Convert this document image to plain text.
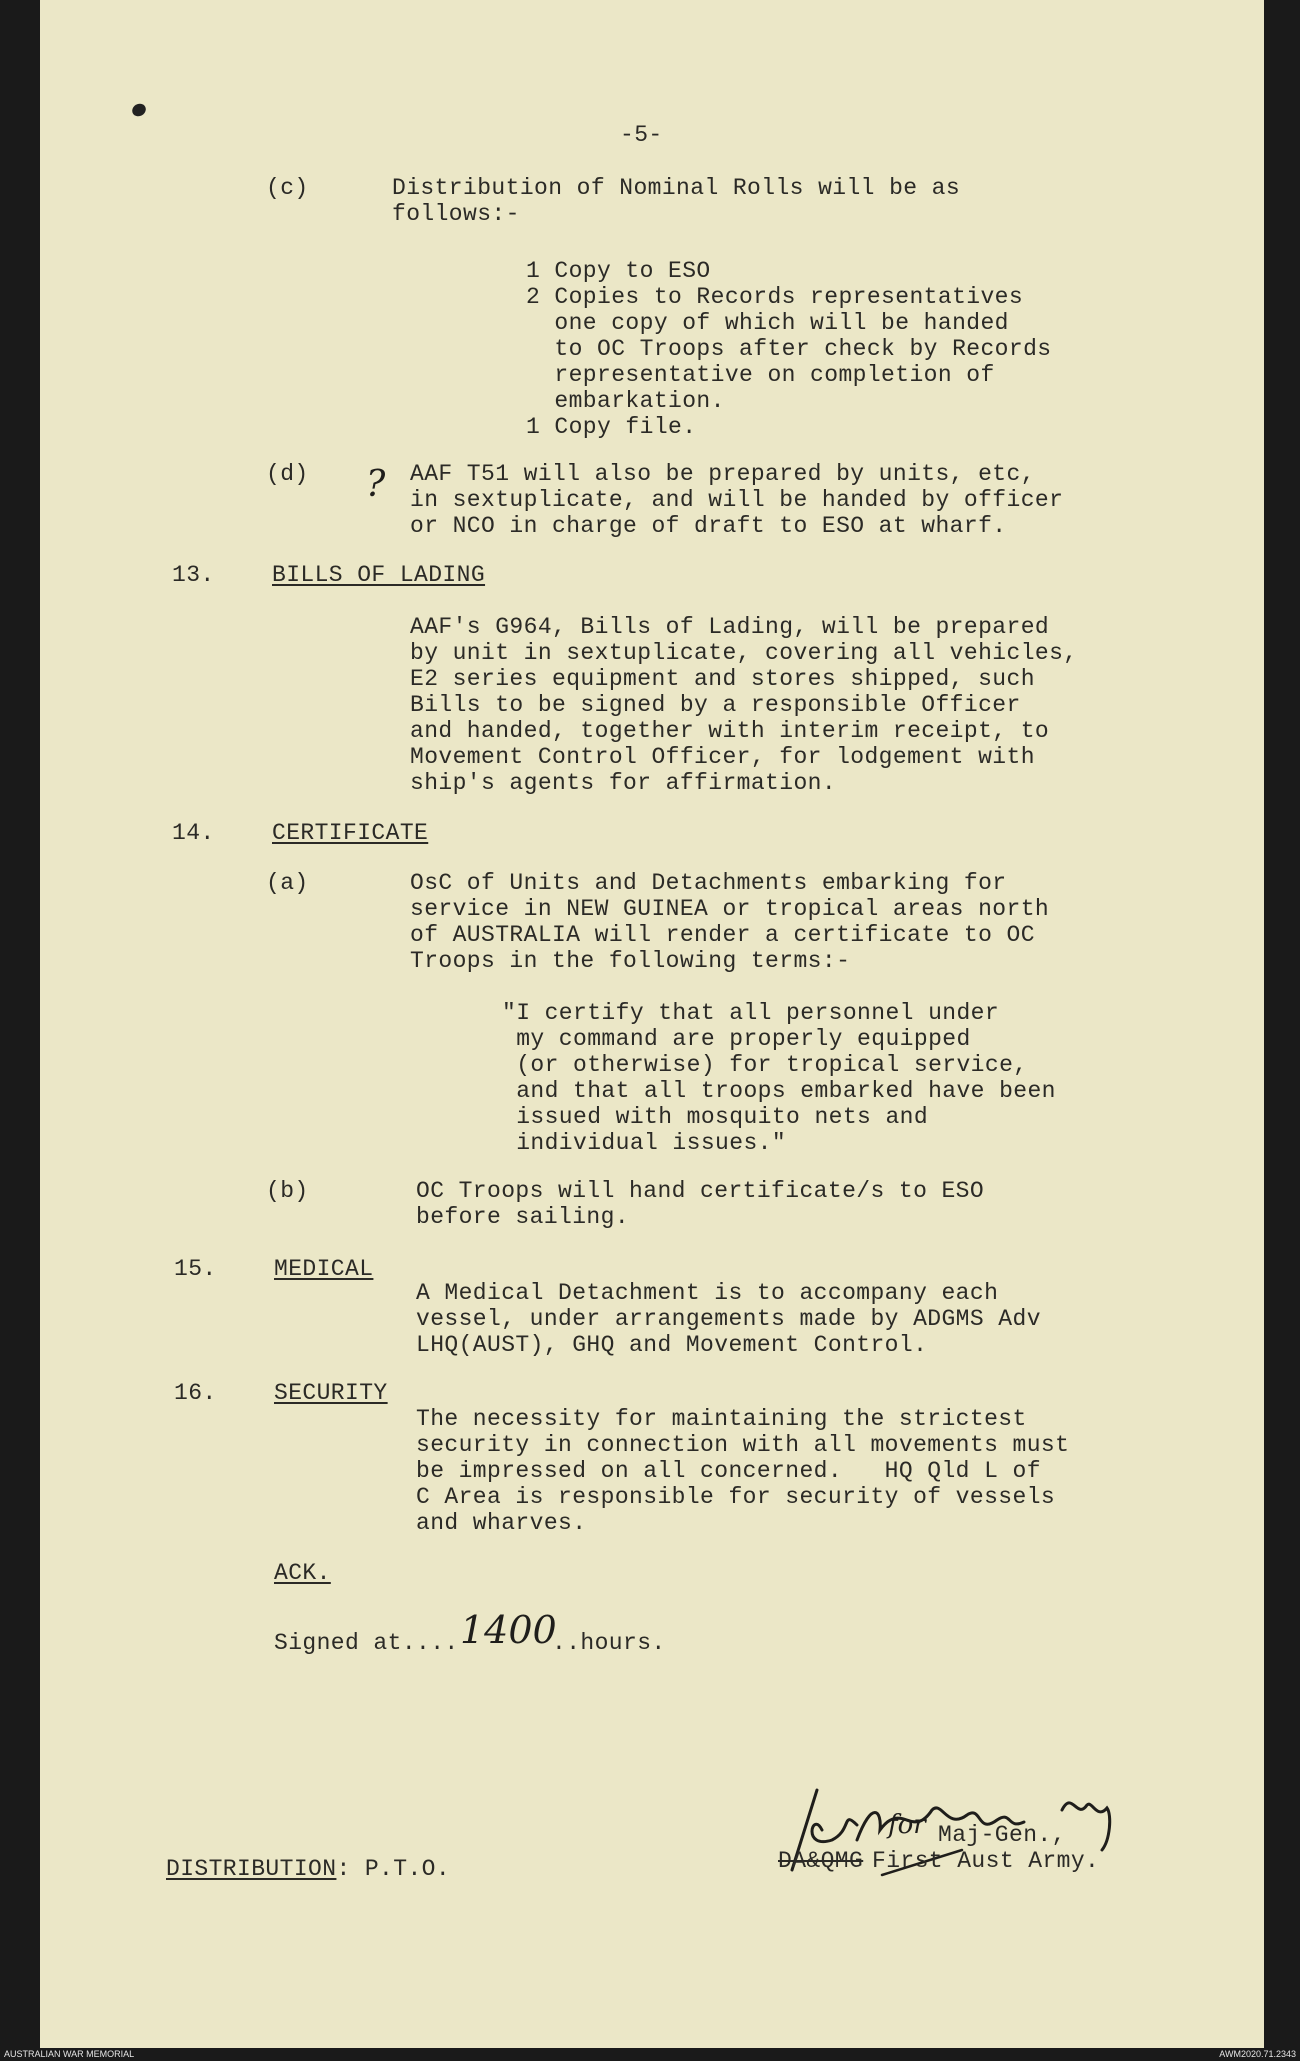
-5-
(c)	Distribution of Nominal Rolls will be as
follows:-
1 Copy to ESO
2 Copies to Records representatives
one copy of which will be handed
to OC Troops after check by Records
representative on completion of
embarkation.
1 Copy file.
(d) ? AAF T51 will also be prepared by units, etc,
in sextuplicate, and will be handed by officer
or NCO in charge of draft to ESO at wharf.
13. BILLS OF LADING
AAF's G964, Bills of Lading, will be prepared
by unit in sextuplicate, covering all vehicles,
E2 series equipment and stores shipped, such
Bills to be signed by a responsible Officer
and handed, together with interim receipt, to
Movement Control Officer, for lodgement with
ship's agents for affirmation.
14. CERTIFICATE
(a)	OsC of Units and Detachments embarking for
service in NEW GUINEA or tropical areas north
of AUSTRALIA will render a certificate to OC
Troops in the following terms:-
"I certify that all personnel under
my command are properly equipped
(or otherwise) for tropical service,
and that all troops embarked have been
issued with mosquito nets and
individual issues."
(b)	OC Troops will hand certificate/s to ESO
before sailing.
15. MEDICAL
A Medical Detachment is to accompany each
vessel, under arrangements made by ADGMS Adv
LHQ(AUST), GHQ and Movement Control.
16. SECURITY
The necessity for maintaining the strictest
security in connection with all movements must
be impressed on all concerned.   HQ Qld L of
C Area is responsible for security of vessels
and wharves.
ACK.
Signed at.... 1400
..hours.
for Maj-Gen.,
DA&QMG First Aust Army.
DISTRIBUTION: P.T.O.
AUSTRALIAN WAR MEMORIAL	AWM2020.71.2343
